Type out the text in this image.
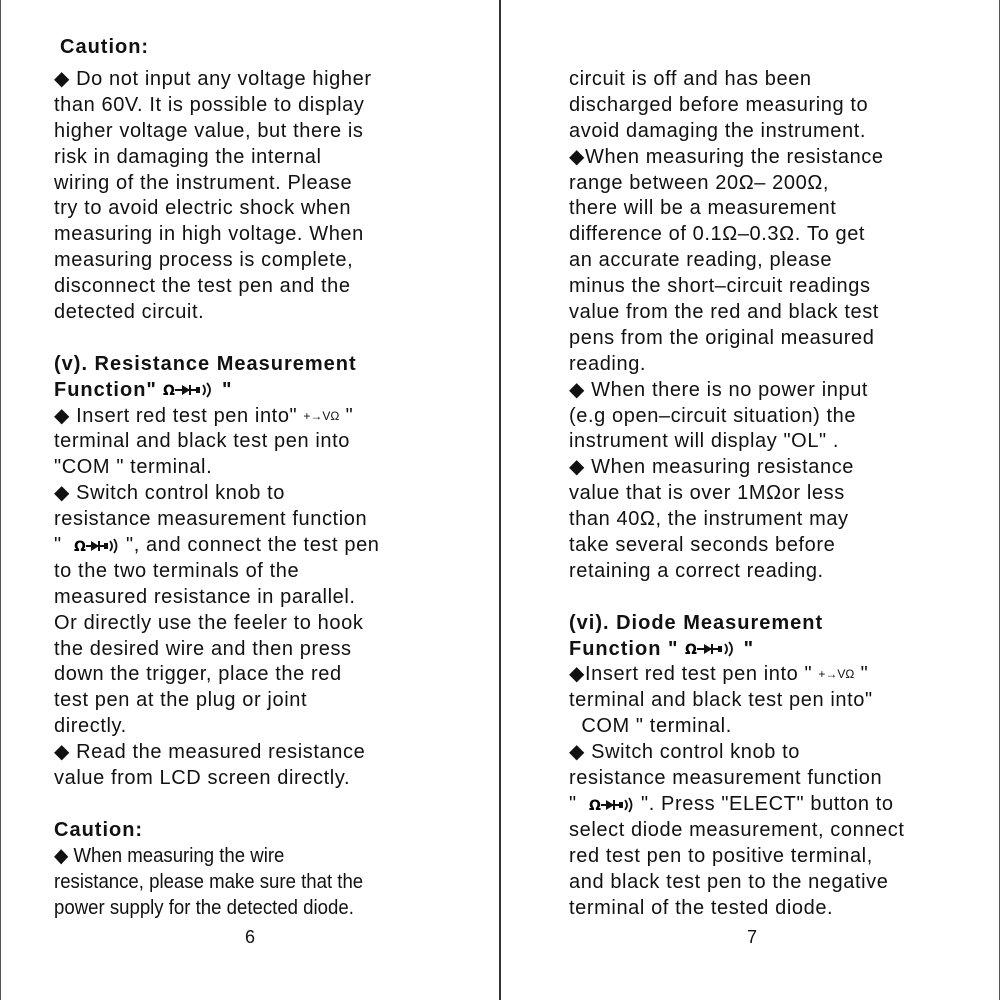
Caution:
◆ Do not input any voltage higher
than 60V. It is possible to display
higher voltage value, but there is
risk in damaging the internal
wiring of the instrument. Please
try to avoid electric shock when
measuring in high voltage. When
measuring process is complete,
disconnect the test pen and the
detected circuit.
(v). Resistance Measurement
Function" Ω "
◆ Insert red test pen into" +→VΩ "
terminal and black test pen into
"COM " terminal.
◆ Switch control knob to
resistance measurement function
" Ω ", and connect the test pen
to the two terminals of the
measured resistance in parallel.
Or directly use the feeler to hook
the desired wire and then press
down the trigger, place the red
test pen at the plug or joint
directly.
◆ Read the measured resistance
value from LCD screen directly.
Caution:
◆ When measuring the wire
resistance, please make sure that the
power supply for the detected diode.
6
circuit is off and has been
discharged before measuring to
avoid damaging the instrument.
◆When measuring the resistance
range between 20Ω– 200Ω,
there will be a measurement
difference of 0.1Ω–0.3Ω. To get
an accurate reading, please
minus the short–circuit readings
value from the red and black test
pens from the original measured
reading.
◆ When there is no power input
(e.g open–circuit situation) the
instrument will display "OL" .
◆ When measuring resistance
value that is over 1MΩor less
than 40Ω, the instrument may
take several seconds before
retaining a correct reading.
(vi). Diode Measurement
Function " Ω "
◆Insert red test pen into " +→VΩ "
terminal and black test pen into"
COM " terminal.
◆ Switch control knob to
resistance measurement function
" Ω ". Press "ELECT" button to
select diode measurement, connect
red test pen to positive terminal,
and black test pen to the negative
terminal of the tested diode.
7
